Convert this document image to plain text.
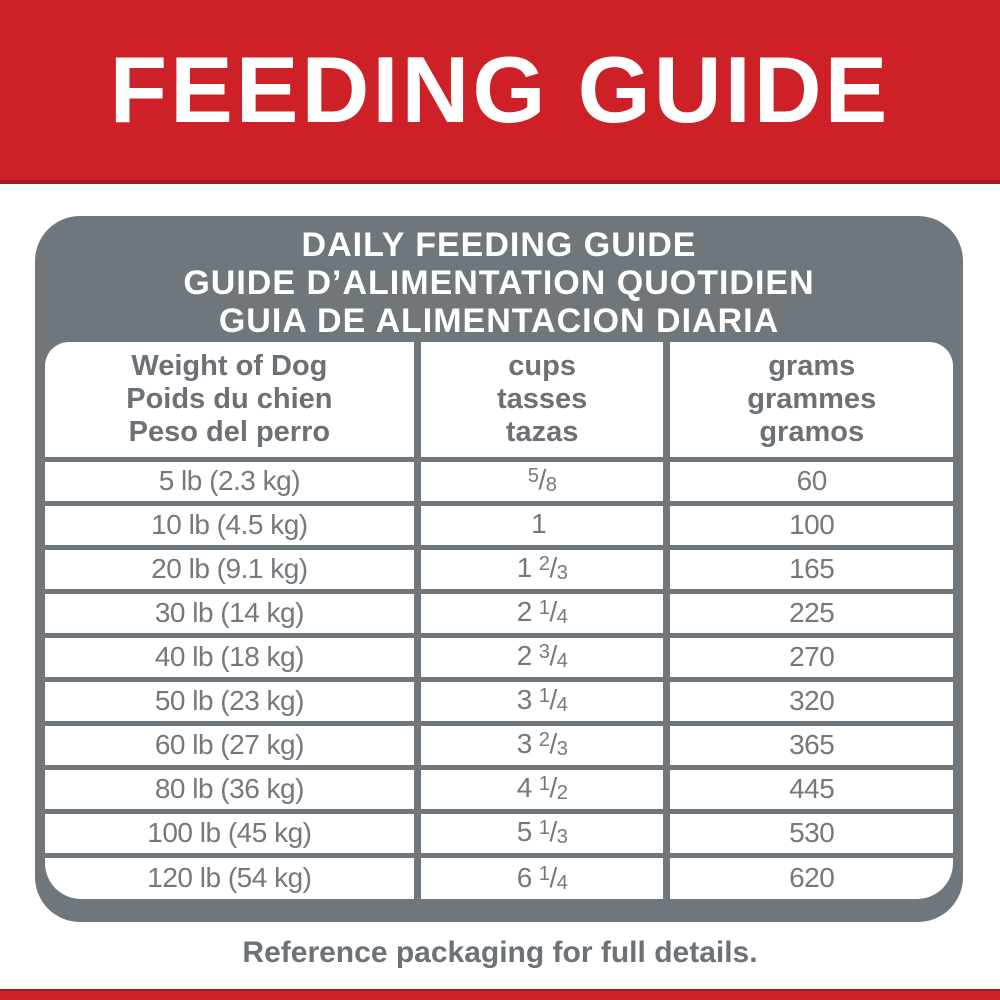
FEEDING GUIDE
DAILY FEEDING GUIDE
GUIDE D’ALIMENTATION QUOTIDIEN
GUIA DE ALIMENTACION DIARIA
Weight of Dog
Poids du chien
Peso del perro

cups
tasses
tazas

grams
grammes
gramos

5 lb (2.3 kg)	$^5$/8	60
10 lb (4.5 kg)	1	100
20 lb (9.1 kg)	1 $^2$/3	165
30 lb (14 kg)	2 $^1$/4	225
40 lb (18 kg)	2 $^3$/4	270
50 lb (23 kg)	3 $^1$/4	320
60 lb (27 kg)	3 $^2$/3	365
80 lb (36 kg)	4 $^1$/2	445
100 lb (45 kg)	5 $^1$/3	530
120 lb (54 kg)	6 $^1$/4	620

Reference packaging for full details.
